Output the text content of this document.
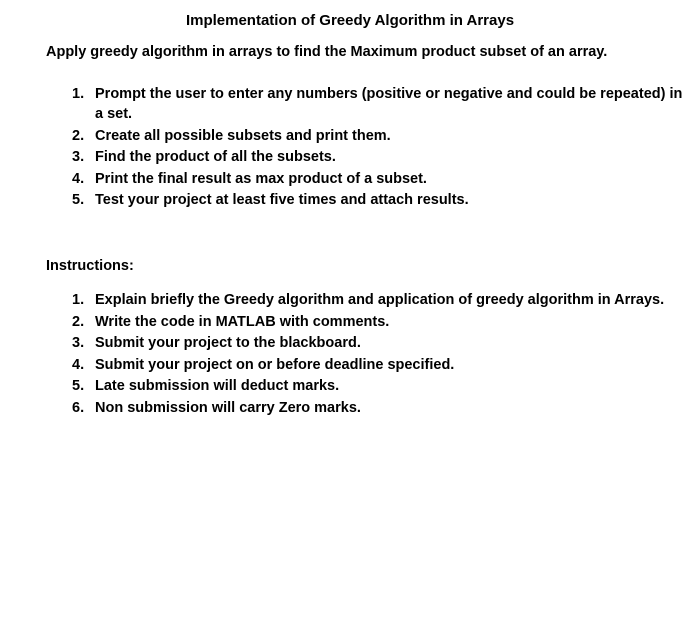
Implementation of Greedy Algorithm in Arrays
Apply greedy algorithm in arrays to find the Maximum product subset of an array.
1. Prompt the user to enter any numbers (positive or negative and could be repeated) in a set.
2. Create all possible subsets and print them.
3. Find the product of all the subsets.
4. Print the final result as max product of a subset.
5. Test your project at least five times and attach results.
Instructions:
1. Explain briefly the Greedy algorithm and application of greedy algorithm in Arrays.
2. Write the code in MATLAB with comments.
3. Submit your project to the blackboard.
4. Submit your project on or before deadline specified.
5. Late submission will deduct marks.
6. Non submission will carry Zero marks.
